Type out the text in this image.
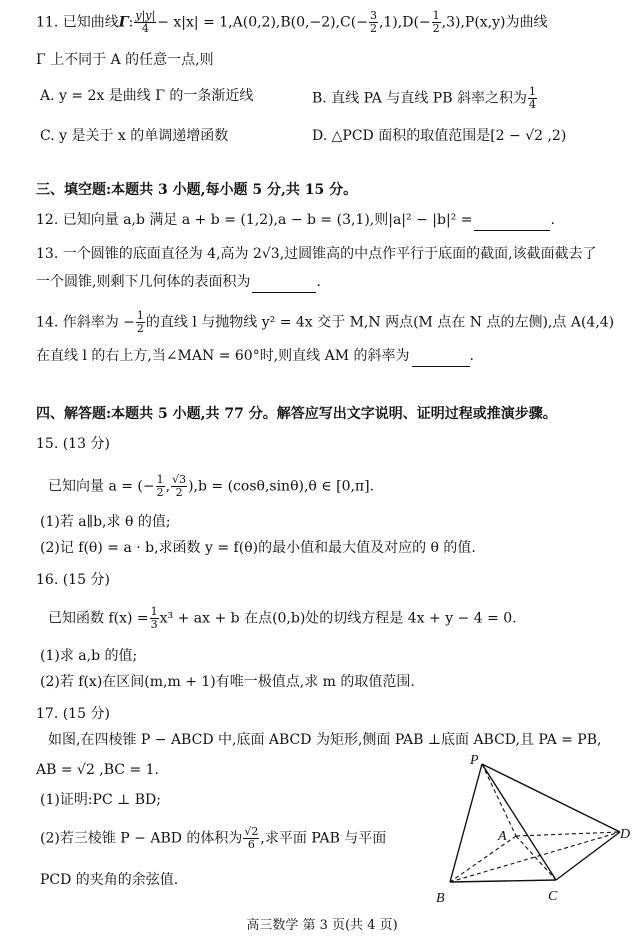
11. 已知曲线Γ: $\frac{y|y|}{4} - x|x| = 1,A(0,2),B(0,-2),C(- \frac{3}{2} ,1),D(- \frac{1}{2} ,3),P(x,y)$为曲线
Γ 上不同于 A 的任意一点,则
A. y = 2x 是曲线 Γ 的一条渐近线	B. 直线 PA 与直线 PB 斜率之积为 $\frac{1}{4}$
C. y 是关于 x 的单调递增函数	D. △PCD 面积的取值范围是[2 − √2 ,2)
三、填空题:本题共 3 小题,每小题 5 分,共 15 分。
12. 已知向量 a,b 满足 a + b = (1,2),a − b = (3,1),则|a|² − |b|² =	.
13. 一个圆锥的底面直径为 4,高为 2√3,过圆锥高的中点作平行于底面的截面,该截面截去了
一个圆锥,则剩下几何体的表面积为	.
14. 作斜率为 − $\frac{1}{2}$ 的直线 l 与抛物线 y² = 4x 交于 M,N 两点(M 点在 N 点的左侧),点 A(4,4)
在直线 l 的右上方,当∠MAN = 60°时,则直线 AM 的斜率为	.
四、解答题:本题共 5 小题,共 77 分。解答应写出文字说明、证明过程或推演步骤。
15. (13 分)
已知向量 a = (− $\frac{1}{2}$ , $\frac{√3}{2} ),b = (\cos\theta,\sin\theta),\theta$ ∈ [0,π].
(1)若 a∥b,求 θ 的值;
(2)记 f(θ) = a · b,求函数 y = f(θ)的最小值和最大值及对应的 θ 的值.
16. (15 分)
已知函数 $f(x) = \frac{1}{3} x^3$ + ax + b 在点(0,b)处的切线方程是 4x + y − 4 = 0.
(1)求 a,b 的值;
(2)若 f(x)在区间(m,m + 1)有唯一极值点,求 m 的取值范围.
17. (15 分)
如图,在四棱锥 P − ABCD 中,底面 ABCD 为矩形,侧面 PAB ⊥底面 ABCD,且 PA = PB,
AB = √2 ,BC = 1.
(1)证明:PC ⊥ BD;
(2)若三棱锥 P − ABD 的体积为 $\frac{√2}{6}$ ,求平面 PAB 与平面
PCD 的夹角的余弦值.
P
A
B	C
D
高三数学 第 3 页(共 4 页)
